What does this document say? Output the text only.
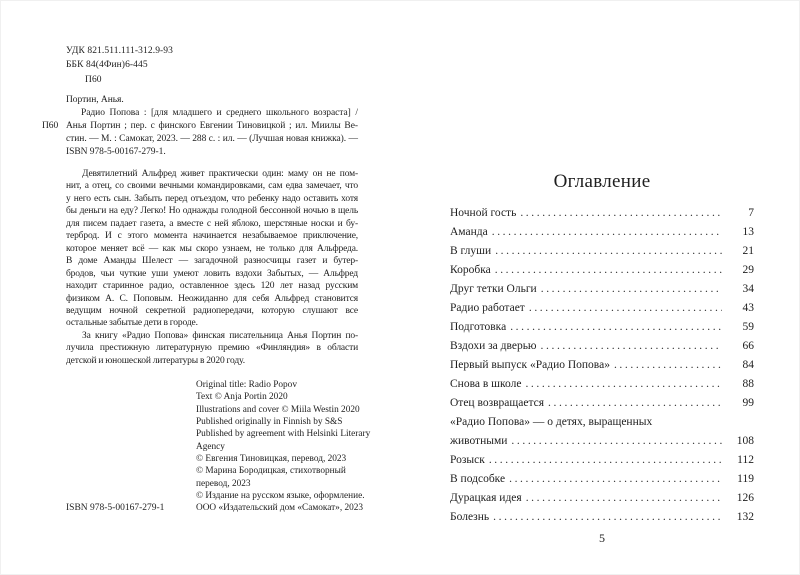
УДК 821.511.111-312.9-93
ББК 84(4Фин)6-445
П60
П60
Портин, Анья.
Радио Попова : [для младшего и среднего школьного возраста] /
Анья Портин ; пер. с финского Евгении Тиновицкой ; ил. Миилы Ве-
стин. — М. : Самокат, 2023. — 288 с. : ил. — (Лучшая новая книжка). —
ISBN 978-5-00167-279-1.
Девятилетний Альфред живет практически один: маму он не пом-
нит, а отец, со своими вечными командировками, сам едва замечает, что
у него есть сын. Забыть перед отъездом, что ребенку надо оставить хотя
бы деньги на еду? Легко! Но однажды голодной бессонной ночью в щель
для писем падает газета, а вместе с ней яблоко, шерстяные носки и бу-
терброд. И с этого момента начинается незабываемое приключение,
которое меняет всё — как мы скоро узнаем, не только для Альфреда.
В доме Аманды Шелест — загадочной разносчицы газет и бутер-
бродов, чьи чуткие уши умеют ловить вздохи Забытых, — Альфред
находит старинное радио, оставленное здесь 120 лет назад русским
физиком А. С. Поповым. Неожиданно для себя Альфред становится
ведущим ночной секретной радиопередачи, которую слушают все
остальные забытые дети в городе.
За книгу «Радио Попова» финская писательница Анья Портин по-
лучила престижную литературную премию «Финляндия» в области
детской и юношеской литературы в 2020 году.
Original title: Radio Popov
Text © Anja Portin 2020
Illustrations and cover © Miila Westin 2020
Published originally in Finnish by S&S
Published by agreement with Helsinki Literary
Agency
© Евгения Тиновицкая, перевод, 2023
© Марина Бородицкая, стихотворный
перевод, 2023
© Издание на русском языке, оформление.
ООО «Издательский дом «Самокат», 2023
ISBN 978-5-00167-279-1
Оглавление
Ночной гость .....	7
Аманда .....	13
В глуши .....	21
Коробка .....	29
Друг тетки Ольги .....	34
Радио работает .....	43
Подготовка .....	59
Вздохи за дверью .....	66
Первый выпуск «Радио Попова» .....	84
Снова в школе .....	88
Отец возвращается .....	99
«Радио Попова» — о детях, выращенных
животными .....	108
Розыск .....	112
В подсобке .....	119
Дурацкая идея .....	126
Болезнь .....	132
5
